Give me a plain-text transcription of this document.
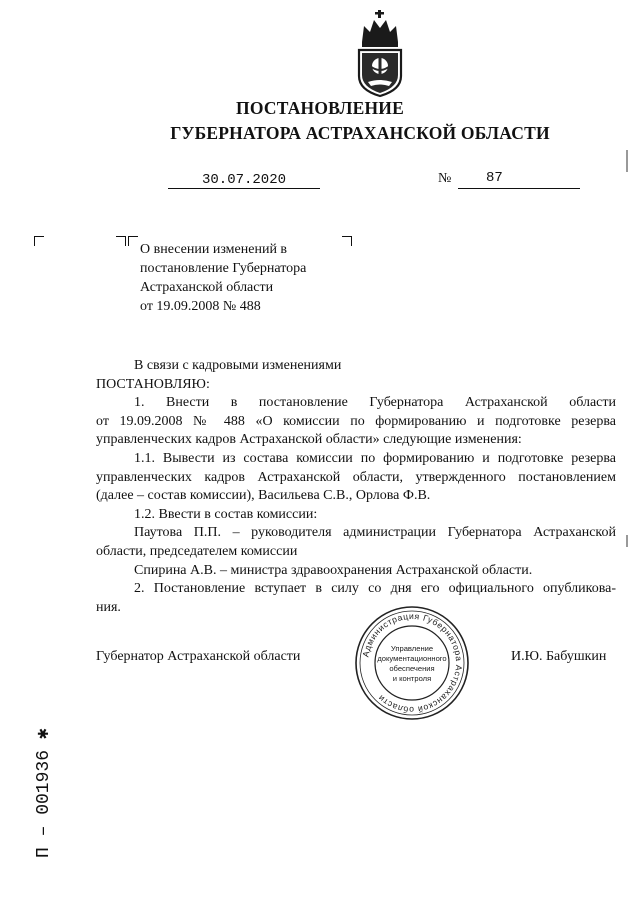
ПОСТАНОВЛЕНИЕ
ГУБЕРНАТОРА АСТРАХАНСКОЙ ОБЛАСТИ
30.07.2020	№ 87
О внесении изменений в
постановление Губернатора
Астраханской области
от 19.09.2008 № 488
В связи с кадровыми изменениями
ПОСТАНОВЛЯЮ:
1. Внести в постановление Губернатора Астраханской области
от 19.09.2008 № 488 «О комиссии по формированию и подготовке резерва
управленческих кадров Астраханской области» следующие изменения:
1.1. Вывести из состава комиссии по формированию и подготовке резерва
управленческих кадров Астраханской области, утвержденного постановлением
(далее – состав комиссии), Васильева С.В., Орлова Ф.В.
1.2. Ввести в состав комиссии:
Паутова П.П. – руководителя администрации Губернатора Астраханской
области, председателем комиссии
Спирина А.В. – министра здравоохранения Астраханской области.
2. Постановление вступает в силу со дня его официального опубликова-
ния.
Губернатор Астраханской области	И.Ю. Бабушкин
Администрация Губернатора Астраханской области
Управление
документационного
обеспечения
и контроля
П – 001936 ✱
